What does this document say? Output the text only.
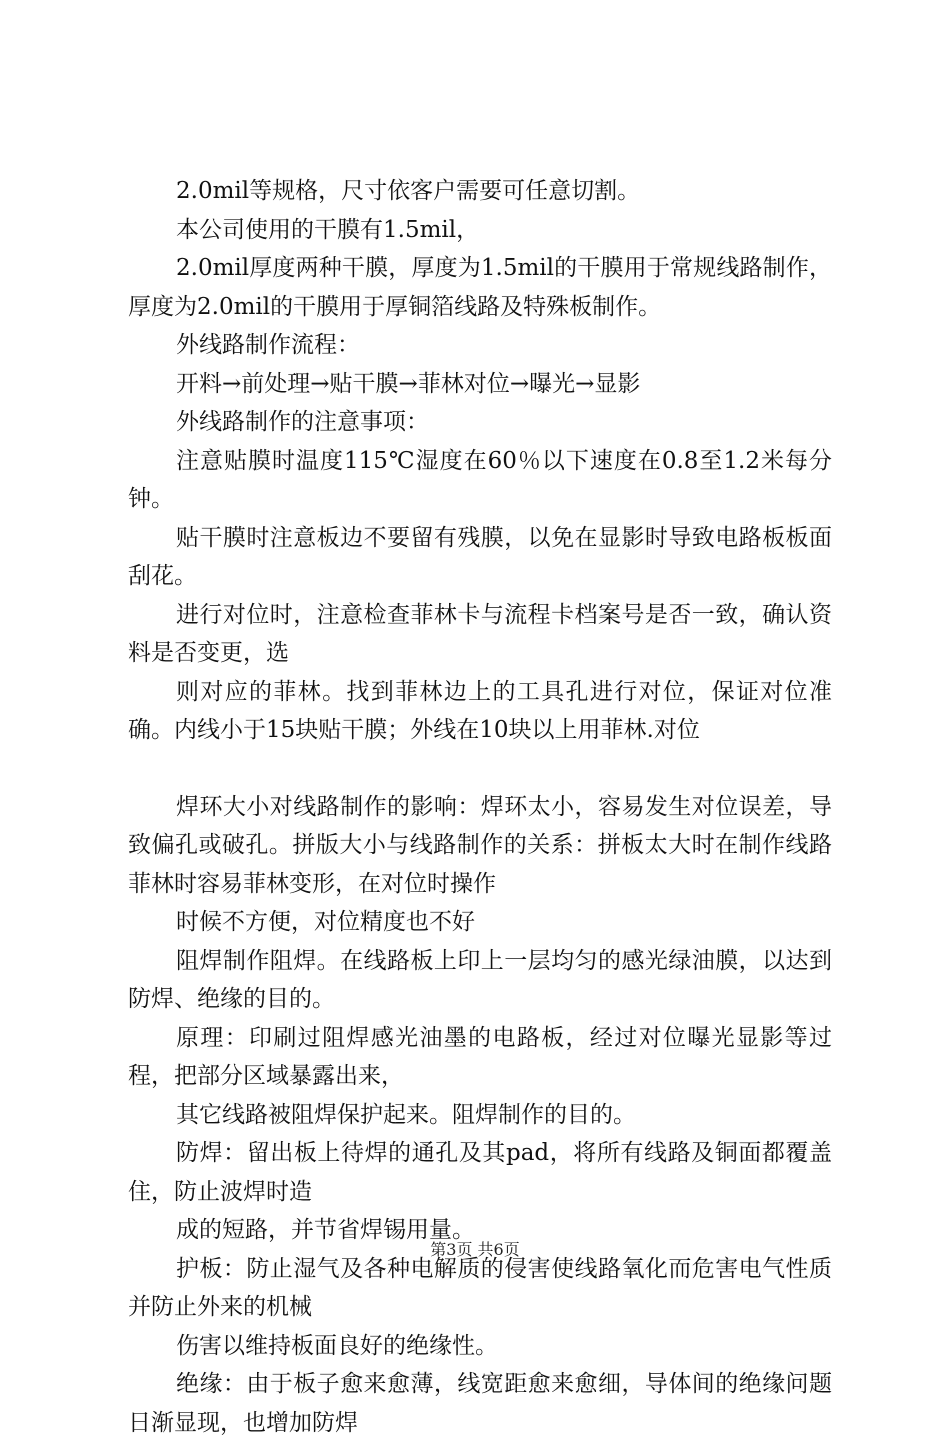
2.0mil等规格，尺寸依客户需要可任意切割。

本公司使用的干膜有1.5mil，

2.0mil厚度两种干膜，厚度为1.5mil的干膜用于常规线路制作，厚度为2.0mil的干膜用于厚铜箔线路及特殊板制作。

外线路制作流程：

开料→前处理→贴干膜→菲林对位→曝光→显影

外线路制作的注意事项：

注意贴膜时温度115℃湿度在60％以下速度在0.8至1.2米每分钟。

贴干膜时注意板边不要留有残膜，以免在显影时导致电路板板面刮花。

进行对位时，注意检查菲林卡与流程卡档案号是否一致，确认资料是否变更，选

则对应的菲林。找到菲林边上的工具孔进行对位，保证对位准确。内线小于15块贴干膜；外线在10块以上用菲林.对位

焊环大小对线路制作的影响：焊环太小，容易发生对位误差，导致偏孔或破孔。拼版大小与线路制作的关系：拼板太大时在制作线路菲林时容易菲林变形，在对位时操作

时候不方便，对位精度也不好

阻焊制作阻焊。在线路板上印上一层均匀的感光绿油膜，以达到防焊、绝缘的目的。

原理：印刷过阻焊感光油墨的电路板，经过对位曝光显影等过程，把部分区域暴露出来，

其它线路被阻焊保护起来。阻焊制作的目的。

防焊：留出板上待焊的通孔及其pad，将所有线路及铜面都覆盖住，防止波焊时造

成的短路，并节省焊锡用量。

护板：防止湿气及各种电解质的侵害使线路氧化而危害电气性质并防止外来的机械

伤害以维持板面良好的绝缘性。

绝缘：由于板子愈来愈薄，线宽距愈来愈细，导体间的绝缘问题日渐显现，也增加防焊

第3页 共6页
